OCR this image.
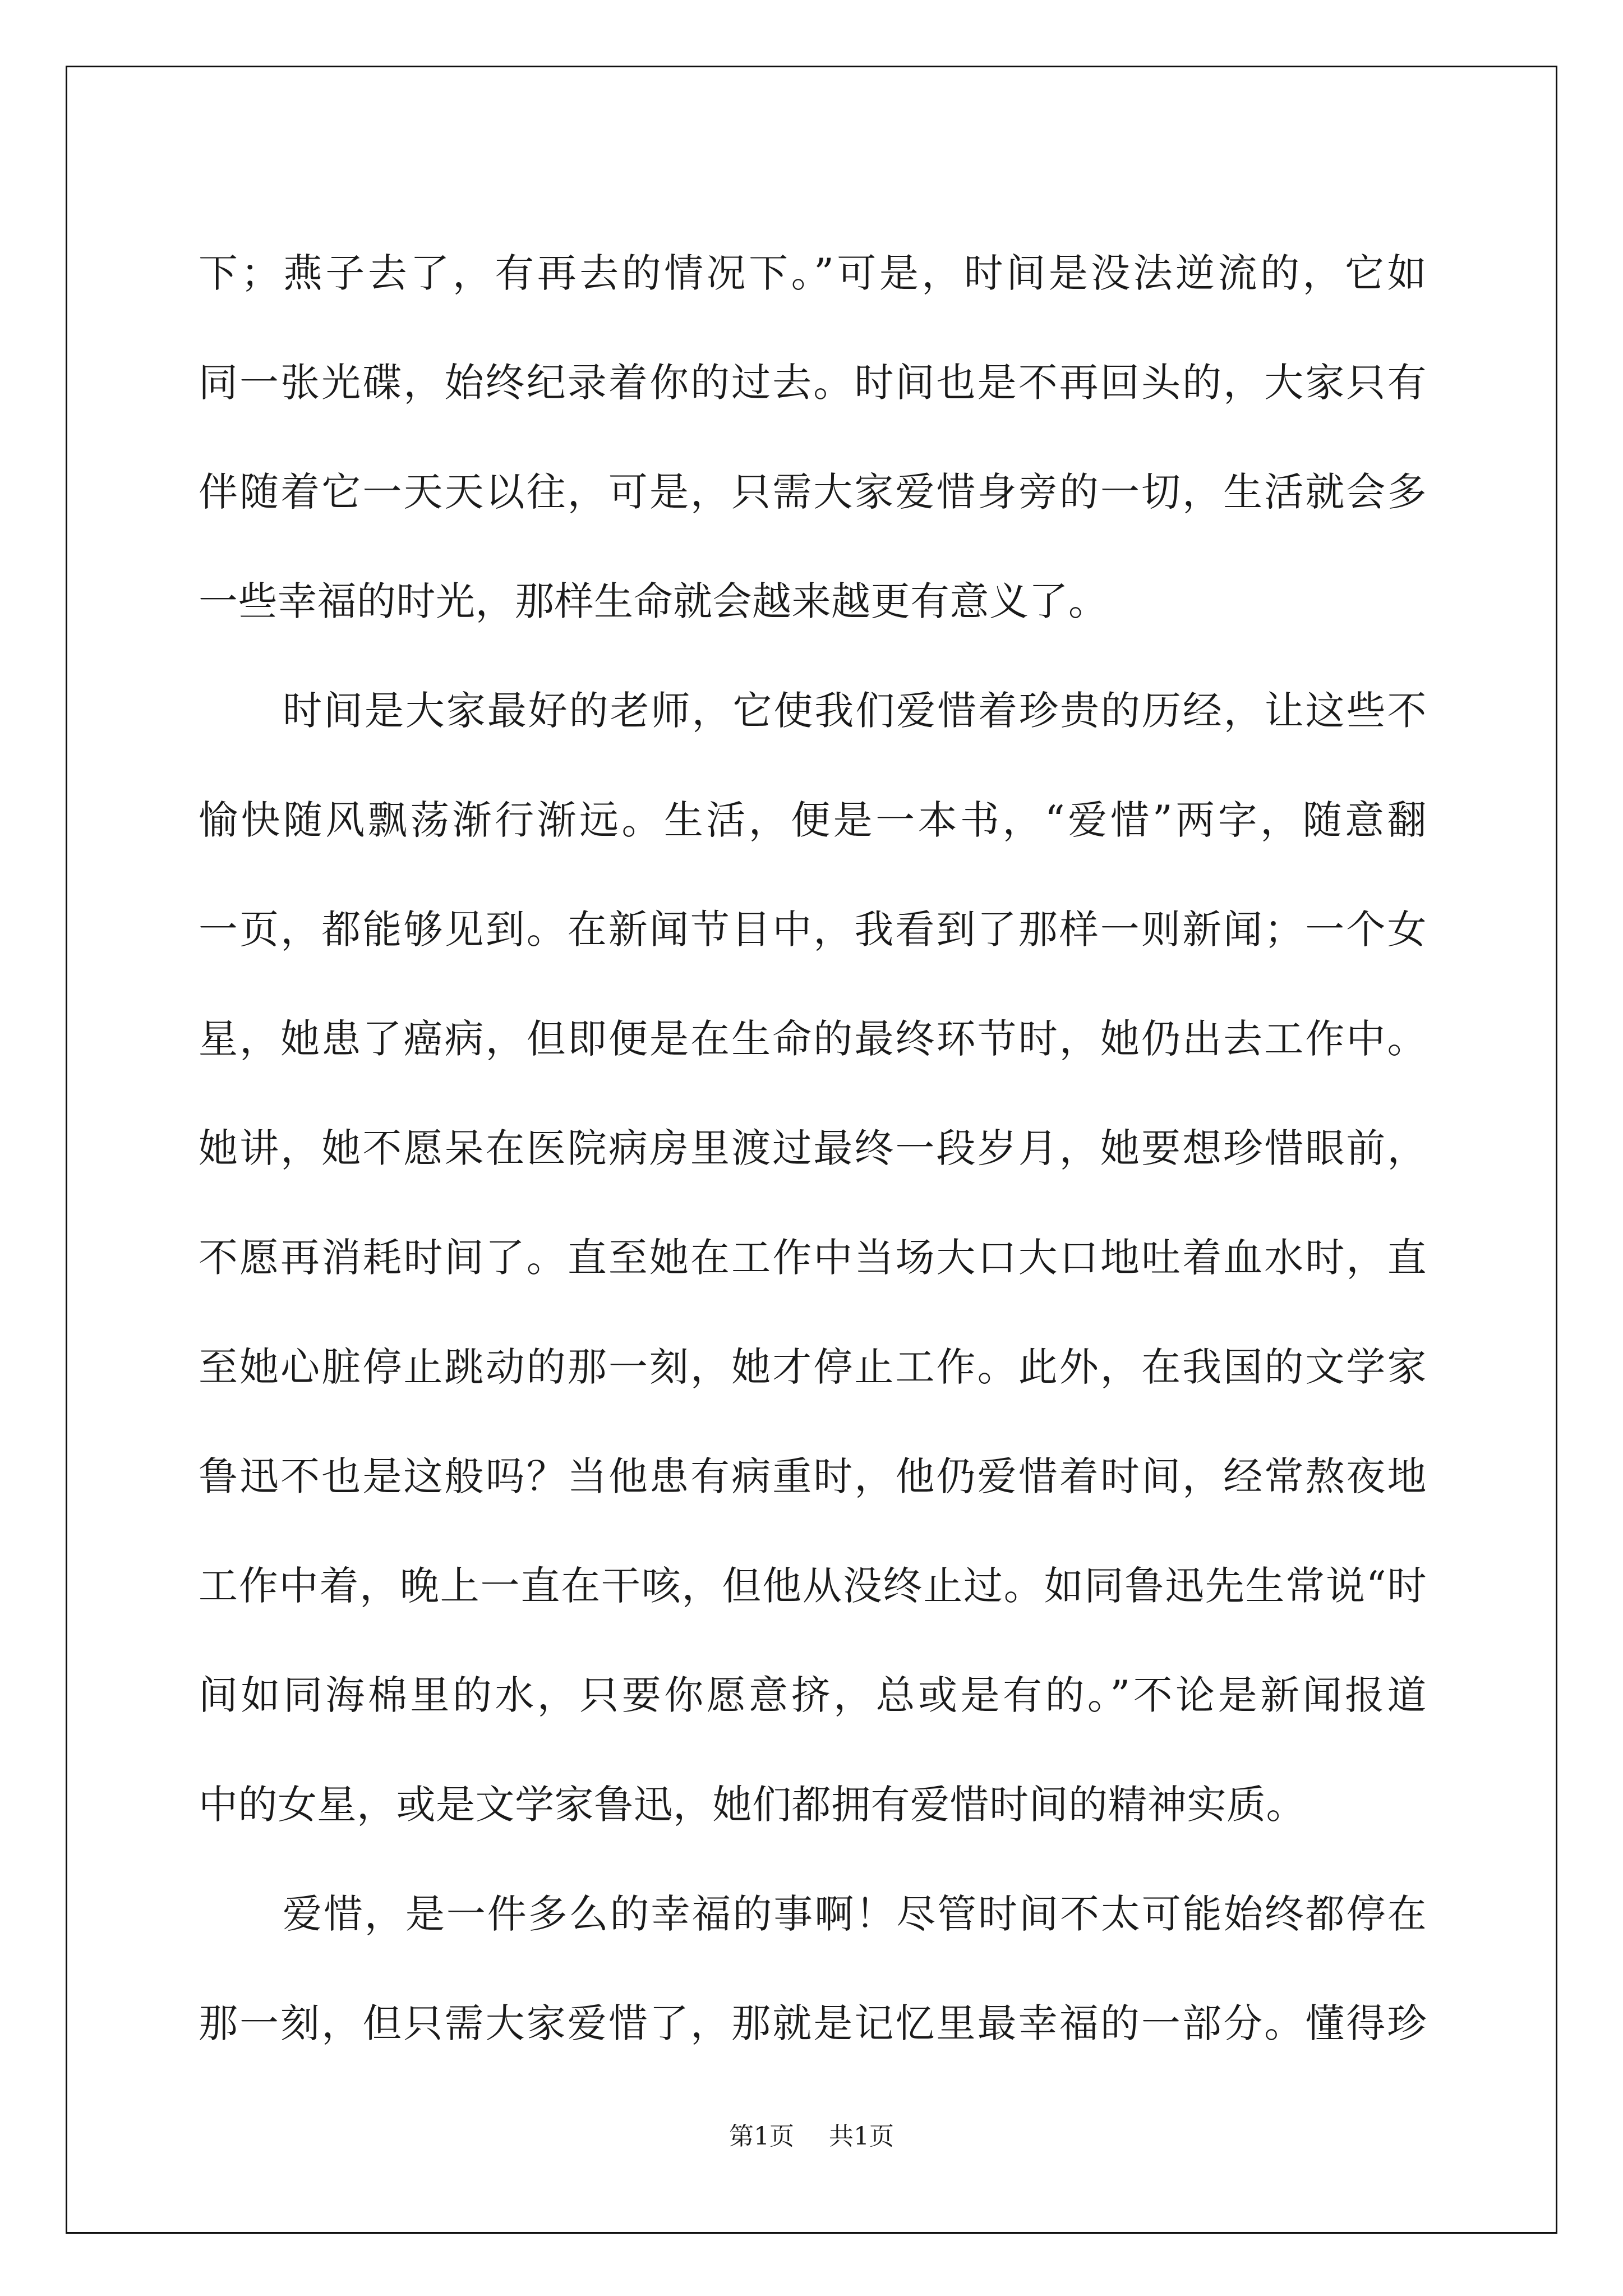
下；燕子去了，有再去的情况下。”可是，时间是没法逆流的，它如
同一张光碟，始终纪录着你的过去。时间也是不再回头的，大家只有
伴随着它一天天以往，可是，只需大家爱惜身旁的一切，生活就会多
一些幸福的时光，那样生命就会越来越更有意义了。
时间是大家最好的老师，它使我们爱惜着珍贵的历经，让这些不
愉快随风飘荡渐行渐远。生活，便是一本书，“爱惜”两字，随意翻
一页，都能够见到。在新闻节目中，我看到了那样一则新闻；一个女
星，她患了癌病，但即便是在生命的最终环节时，她仍出去工作中。
她讲，她不愿呆在医院病房里渡过最终一段岁月，她要想珍惜眼前，
不愿再消耗时间了。直至她在工作中当场大口大口地吐着血水时，直
至她心脏停止跳动的那一刻，她才停止工作。此外，在我国的文学家
鲁迅不也是这般吗？当他患有病重时，他仍爱惜着时间，经常熬夜地
工作中着，晚上一直在干咳，但他从没终止过。如同鲁迅先生常说“时
间如同海棉里的水，只要你愿意挤，总或是有的。”不论是新闻报道
中的女星，或是文学家鲁迅，她们都拥有爱惜时间的精神实质。
爱惜，是一件多么的幸福的事啊！尽管时间不太可能始终都停在
那一刻，但只需大家爱惜了，那就是记忆里最幸福的一部分。懂得珍
第1页 共1页
